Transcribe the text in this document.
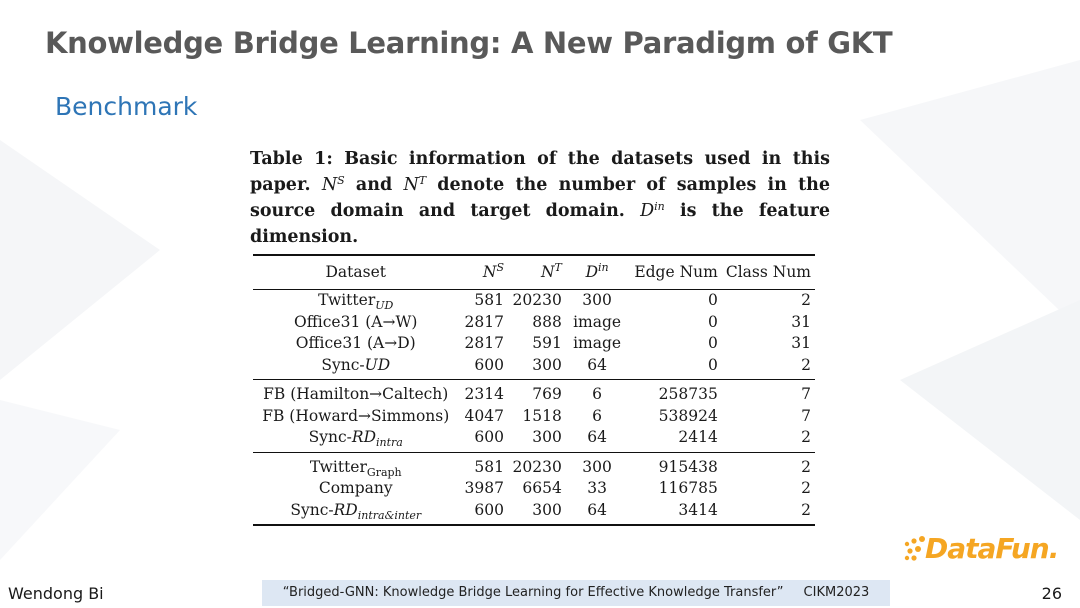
Knowledge Bridge Learning: A New Paradigm of GKT
Benchmark
Table 1: Basic information of the datasets used in this paper. $N^S$ and $N^T$ denote the number of samples in the source domain and target domain. $D^{in}$ is the feature dimension.
Dataset	$N^S$	$N^T$	$D^{in}$	Edge Num	Class Num
Twitter$_{UD}$	581	20230	300	0	2
Office31 (A→W)	2817	888	image	0	31
Office31 (A→D)	2817	591	image	0	31
Sync-UD	600	300	64	0	2
FB (Hamilton→Caltech)	2314	769	6	258735	7
FB (Howard→Simmons)	4047	1518	6	538924	7
Sync-$RD_{intra}$	600	300	64	2414	2
Twitter$_{Graph}$	581	20230	300	915438	2
Company	3987	6654	33	116785	2
Sync-$RD_{intra\&inter}$	600	300	64	3414	2
DataFun.
Wendong Bi	“Bridged-GNN: Knowledge Bridge Learning for Effective Knowledge Transfer” CIKM2023	26
